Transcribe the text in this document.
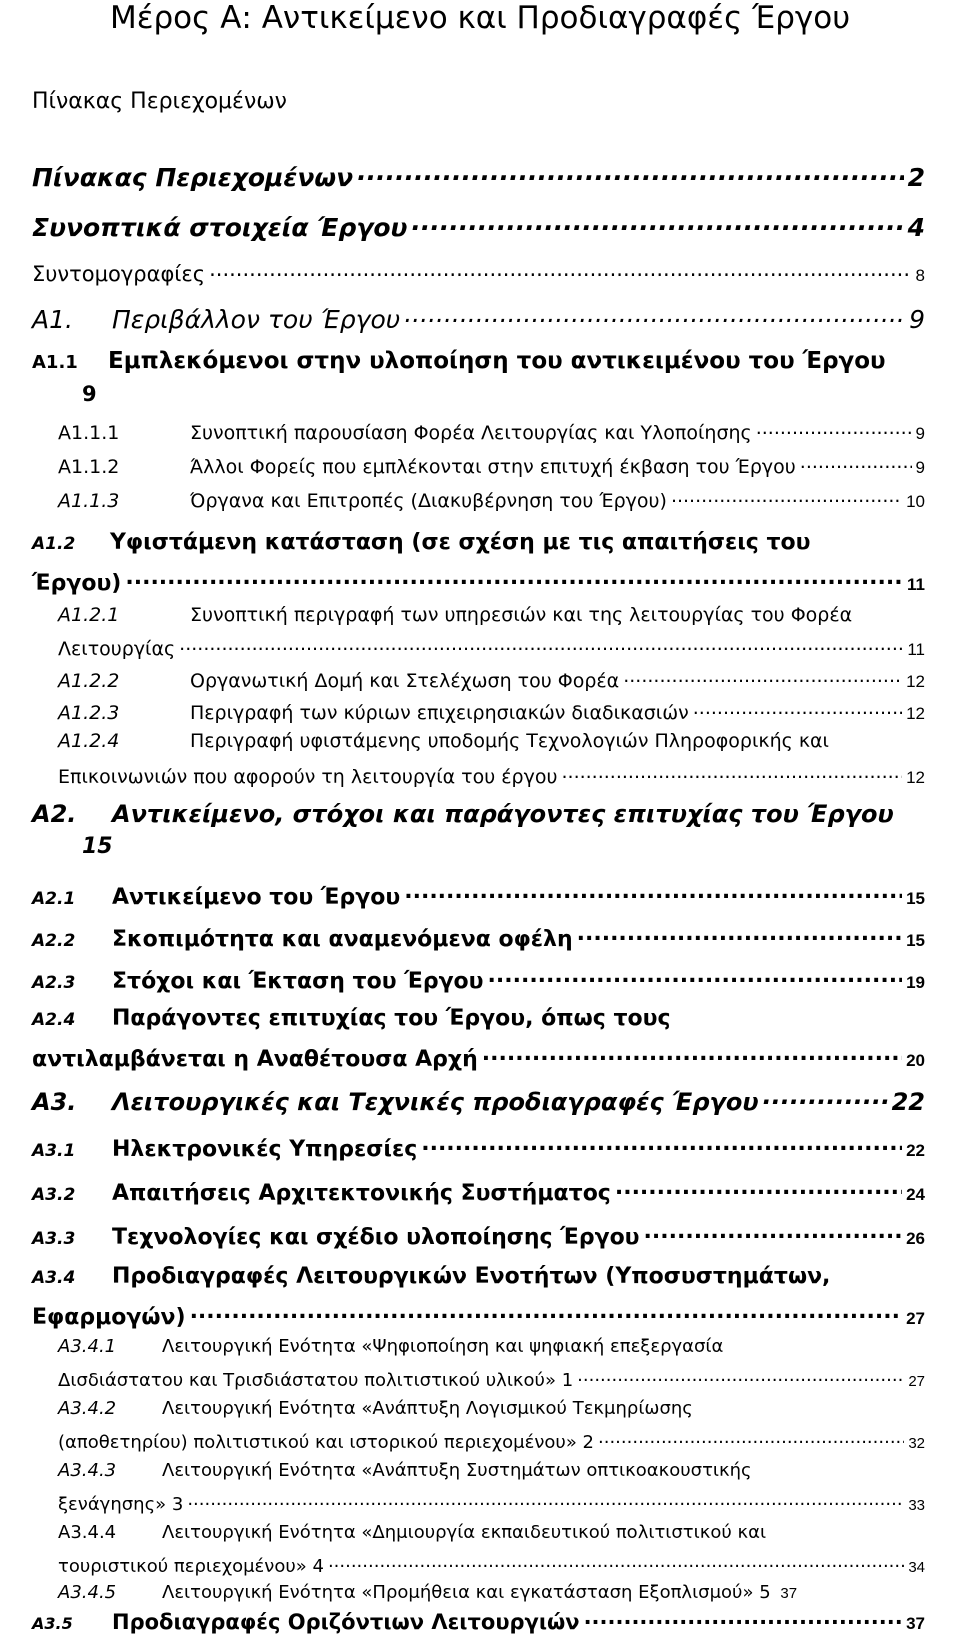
Μέρος Α: Αντικείμενο και Προδιαγραφές Έργου
Πίνακας Περιεχομένων
Πίνακας Περιεχομένων .....	2
Συνοπτικά στοιχεία Έργου .....	4
Συντομογραφίες .....	8
Α1.	Περιβάλλον του Έργου .....	9
Α1.1 Εμπλεκόμενοι στην υλοποίηση του αντικειμένου του Έργου
9
Α1.1.1	Συνοπτική παρουσίαση Φορέα Λειτουργίας και Υλοποίησης .....	9
Α1.1.2	Άλλοι Φορείς που εμπλέκονται στην επιτυχή έκβαση του Έργου .....	9
Α1.1.3	Όργανα και Επιτροπές (Διακυβέρνηση του Έργου) .....	10
Α1.2 Υφιστάμενη κατάσταση (σε σχέση με τις απαιτήσεις του
Έργου) .....	11
Α1.2.1	Συνοπτική περιγραφή των υπηρεσιών και της λειτουργίας του Φορέα
Λειτουργίας .....	11
Α1.2.2	Οργανωτική Δομή και Στελέχωση του Φορέα .....	12
Α1.2.3	Περιγραφή των κύριων επιχειρησιακών διαδικασιών .....	12
Α1.2.4	Περιγραφή υφιστάμενης υποδομής Τεχνολογιών Πληροφορικής και
Επικοινωνιών που αφορούν τη λειτουργία του έργου .....	12
Α2. Αντικείμενο, στόχοι και παράγοντες επιτυχίας του Έργου
15
Α2.1	Αντικείμενο του Έργου .....	15
Α2.2	Σκοπιμότητα και αναμενόμενα οφέλη .....	15
Α2.3	Στόχοι και Έκταση του Έργου .....	19
Α2.4 Παράγοντες επιτυχίας του Έργου, όπως τους
αντιλαμβάνεται η Αναθέτουσα Αρχή .....	20
Α3.	Λειτουργικές και Τεχνικές προδιαγραφές Έργου .....	22
Α3.1	Ηλεκτρονικές Υπηρεσίες .....	22
Α3.2	Απαιτήσεις Αρχιτεκτονικής Συστήματος .....	24
Α3.3	Τεχνολογίες και σχέδιο υλοποίησης Έργου .....	26
Α3.4 Προδιαγραφές Λειτουργικών Ενοτήτων (Υποσυστημάτων,
Εφαρμογών) .....	27
Α3.4.1	Λειτουργική Ενότητα «Ψηφιοποίηση και ψηφιακή επεξεργασία
Δισδιάστατου και Τρισδιάστατου πολιτιστικού υλικού» 1 .....	27
Α3.4.2	Λειτουργική Ενότητα «Ανάπτυξη Λογισμικού Τεκμηρίωσης
(αποθετηρίου) πολιτιστικού και ιστορικού περιεχομένου» 2 .....	32
Α3.4.3	Λειτουργική Ενότητα «Ανάπτυξη Συστημάτων οπτικοακουστικής
ξενάγησης» 3 .....	33
Α3.4.4	Λειτουργική Ενότητα «Δημιουργία εκπαιδευτικού πολιτιστικού και
τουριστικού περιεχομένου» 4 .....	34
Α3.4.5	Λειτουργική Ενότητα «Προμήθεια και εγκατάσταση Εξοπλισμού» 5 37
Α3.5	Προδιαγραφές Οριζόντιων Λειτουργιών .....	37
